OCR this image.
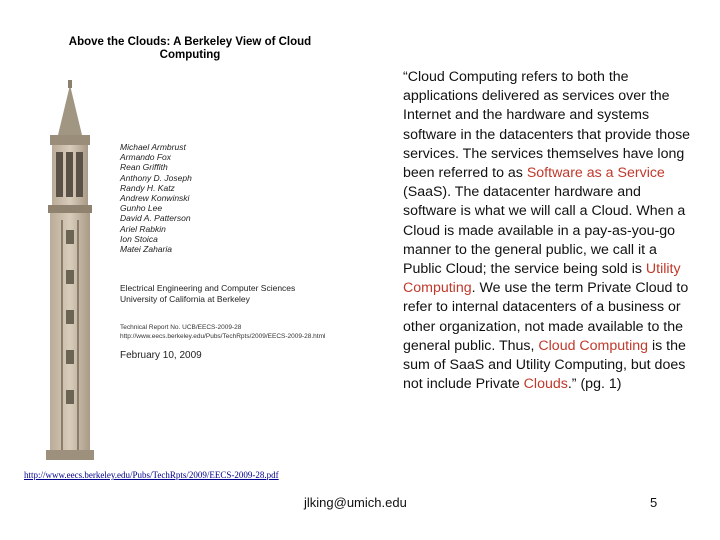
Above the Clouds: A Berkeley View of Cloud Computing
Michael Armbrust
Armando Fox
Rean Griffith
Anthony D. Joseph
Randy H. Katz
Andrew Konwinski
Gunho Lee
David A. Patterson
Ariel Rabkin
Ion Stoica
Matei Zaharia
Electrical Engineering and Computer Sciences
University of California at Berkeley
Technical Report No. UCB/EECS-2009-28
http://www.eecs.berkeley.edu/Pubs/TechRpts/2009/EECS-2009-28.html
February 10, 2009
“Cloud Computing refers to both the applications delivered as services over the Internet and the hardware and systems software in the datacenters that provide those services. The services themselves have long been referred to as Software as a Service (SaaS). The datacenter hardware and software is what we will call a Cloud. When a Cloud is made available in a pay-as-you-go manner to the general public, we call it a Public Cloud; the service being sold is Utility Computing. We use the term Private Cloud to refer to internal datacenters of a business or other organization, not made available to the general public. Thus, Cloud Computing is the sum of SaaS and Utility Computing, but does not include Private Clouds.” (pg. 1)
http://www.eecs.berkeley.edu/Pubs/TechRpts/2009/EECS-2009-28.pdf
jlking@umich.edu	5
